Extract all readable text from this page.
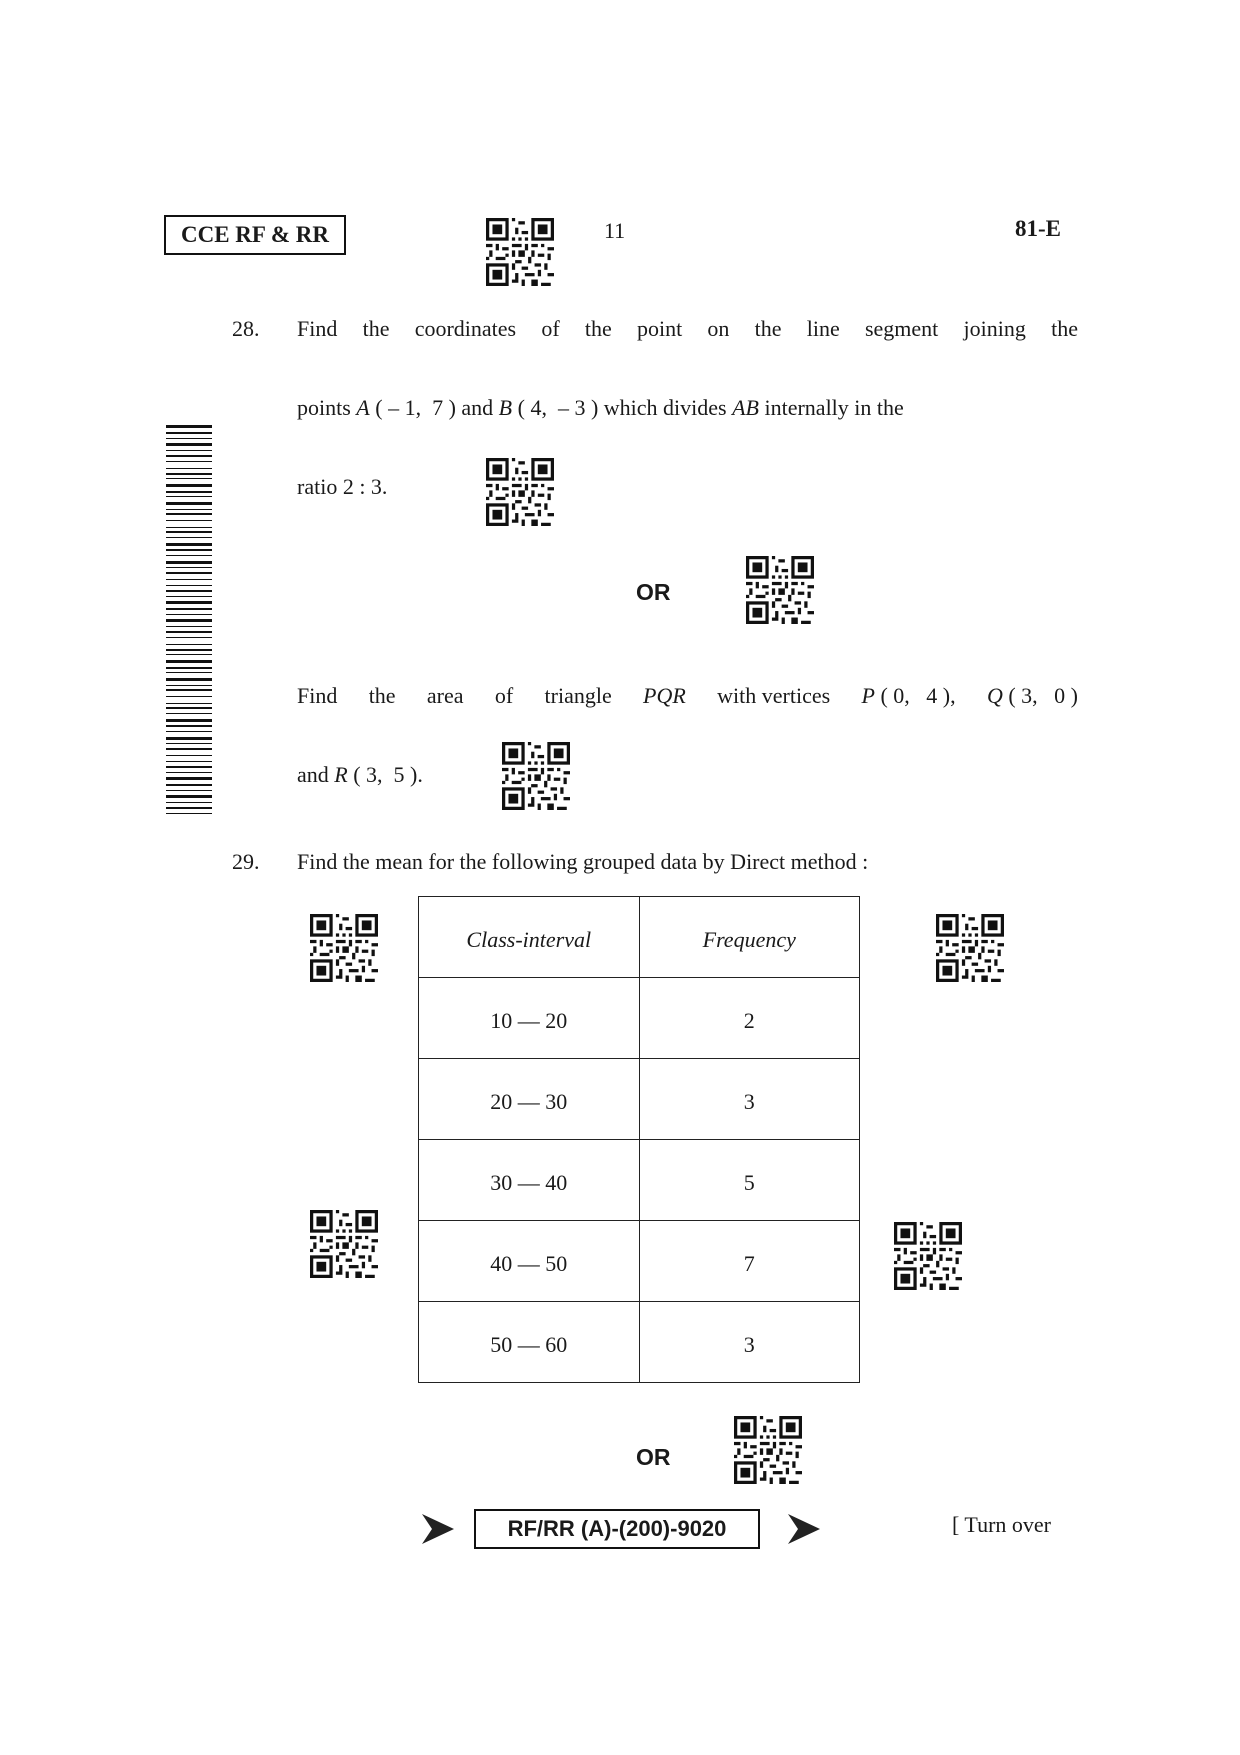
CCE RF & RR	11	81-E
28. Find the coordinates of the point on the line segment joining the
points A ( – 1,  7 ) and B ( 4,  – 3 ) which divides AB internally in the
ratio 2 : 3.
OR
Find the area of triangle PQR with vertices P ( 0,   4 ), Q ( 3,   0 )
and R ( 3,  5 ).
29. Find the mean for the following grouped data by Direct method :
Class-interval	Frequency
10 — 20	2
20 — 30	3
30 — 40	5
40 — 50	7
50 — 60	3
OR
RF/RR (A)-(200)-9020	[ Turn over
